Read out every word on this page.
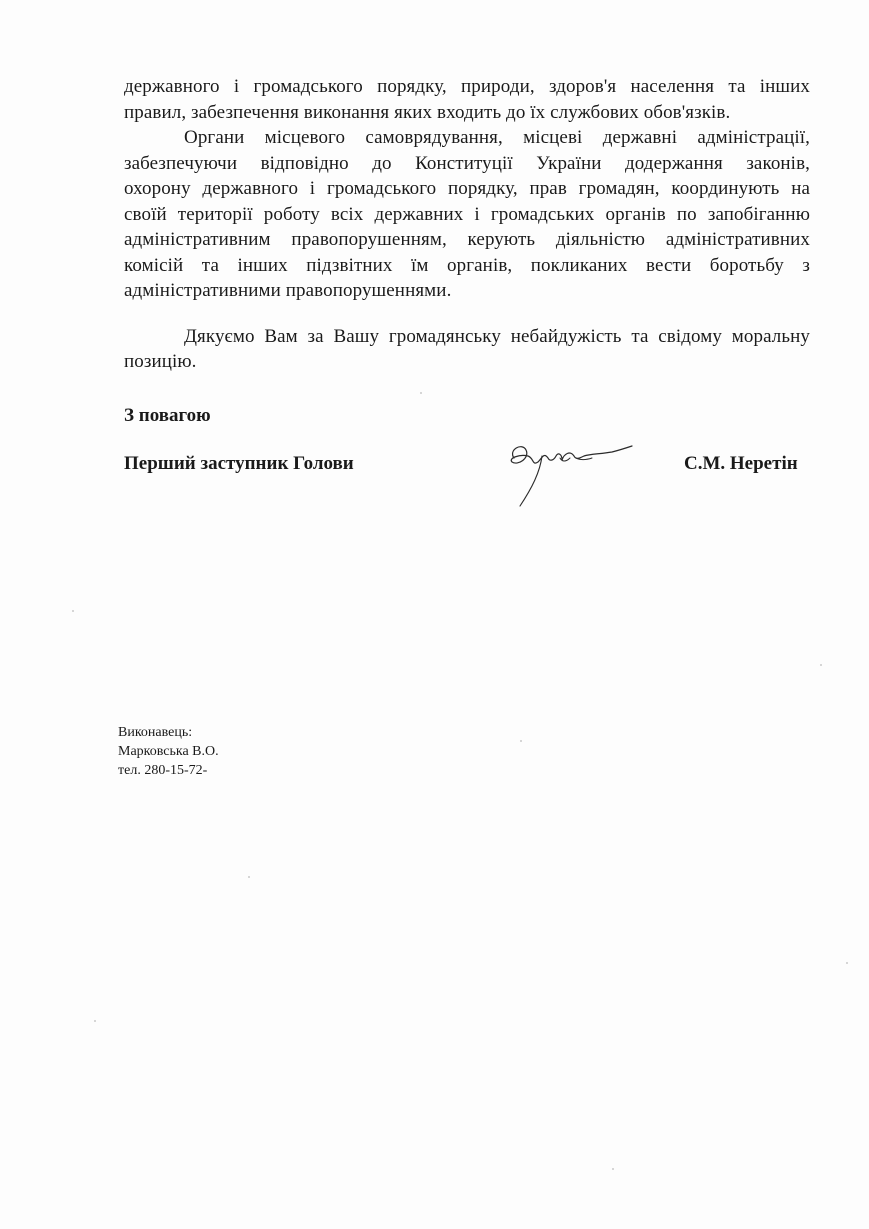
державного і громадського порядку, природи, здоров'я населення та інших
правил, забезпечення виконання яких входить до їх службових обов'язків.

Органи місцевого самоврядування, місцеві державні адміністрації,
забезпечуючи відповідно до Конституції України додержання законів,
охорону державного і громадського порядку, прав громадян, координують на
своїй території роботу всіх державних і громадських органів по запобіганню
адміністративним правопорушенням, керують діяльністю адміністративних
комісій та інших підзвітних їм органів, покликаних вести боротьбу з
адміністративними правопорушеннями.

Дякуємо Вам за Вашу громадянську небайдужість та свідому моральну
позицію.

З повагою
Перший заступник Голови	С.М. Неретін
Виконавець:
Марковська В.О.
тел. 280-15-72-
